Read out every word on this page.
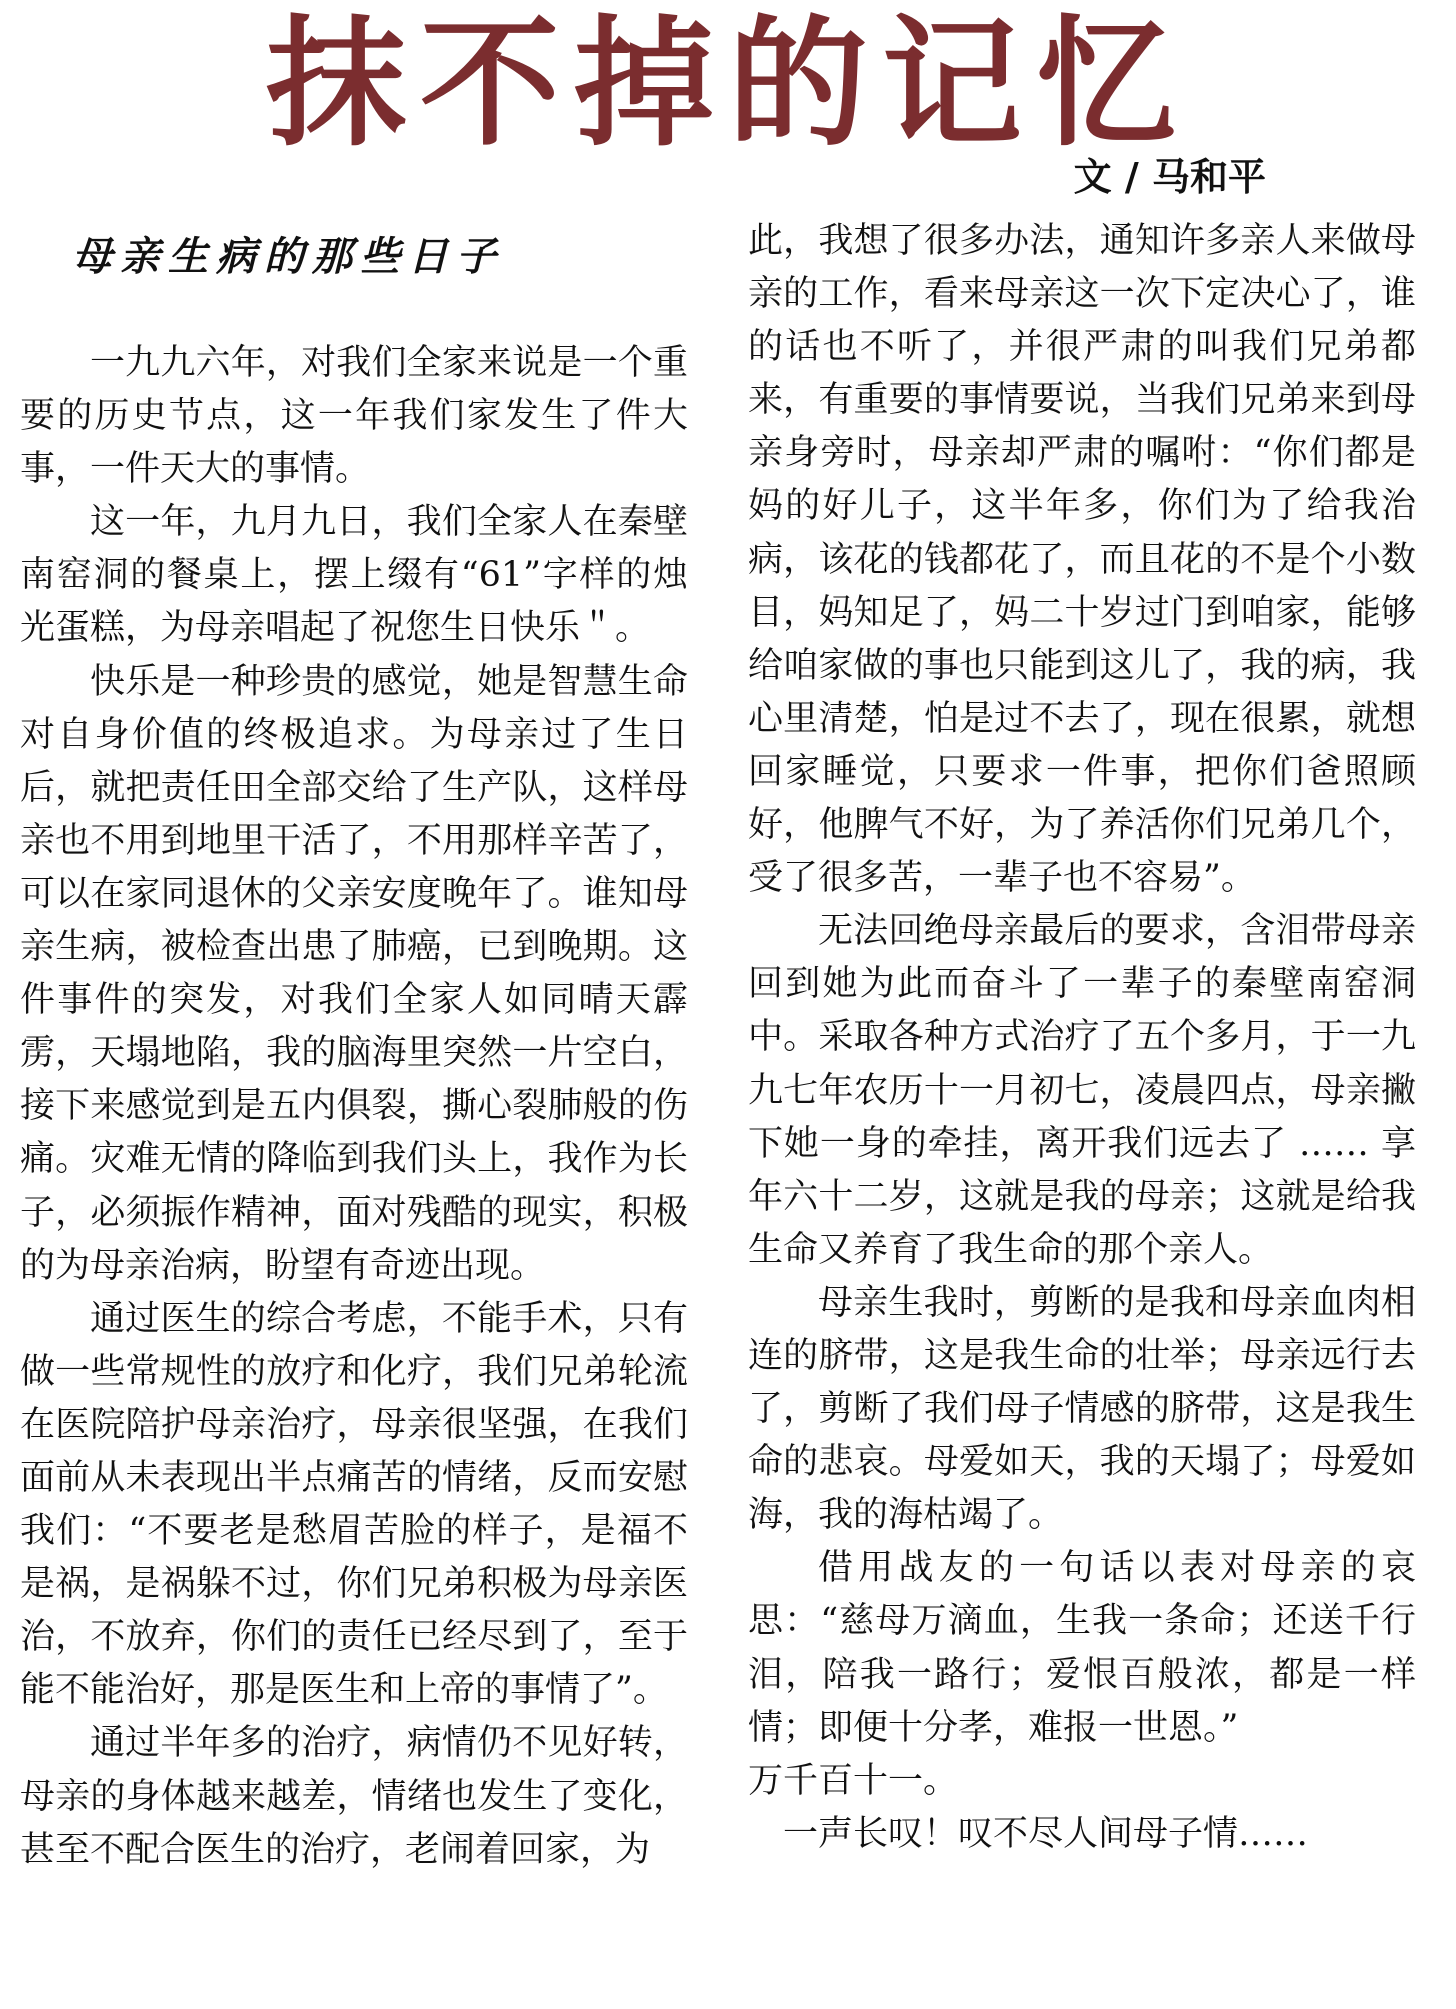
抹不掉的记忆
文 / 马和平
母亲生病的那些日子

一九九六年，对我们全家来说是一个重要的历史节点，这一年我们家发生了件大事，一件天大的事情。

这一年，九月九日，我们全家人在秦壁南窑洞的餐桌上，摆上缀有“61”字样的烛光蛋糕，为母亲唱起了祝您生日快乐＂。

快乐是一种珍贵的感觉，她是智慧生命对自身价值的终极追求。为母亲过了生日后，就把责任田全部交给了生产队，这样母亲也不用到地里干活了，不用那样辛苦了，可以在家同退休的父亲安度晚年了。谁知母亲生病，被检查出患了肺癌，已到晚期。这件事件的突发，对我们全家人如同晴天霹雳，天塌地陷，我的脑海里突然一片空白，接下来感觉到是五内俱裂，撕心裂肺般的伤痛。灾难无情的降临到我们头上，我作为长子，必须振作精神，面对残酷的现实，积极的为母亲治病，盼望有奇迹出现。

通过医生的综合考虑，不能手术，只有做一些常规性的放疗和化疗，我们兄弟轮流在医院陪护母亲治疗，母亲很坚强，在我们面前从未表现出半点痛苦的情绪，反而安慰我们：“不要老是愁眉苦脸的样子，是福不是祸，是祸躲不过，你们兄弟积极为母亲医治，不放弃，你们的责任已经尽到了，至于能不能治好，那是医生和上帝的事情了”。

通过半年多的治疗，病情仍不见好转，母亲的身体越来越差，情绪也发生了变化，甚至不配合医生的治疗，老闹着回家，为

此，我想了很多办法，通知许多亲人来做母亲的工作，看来母亲这一次下定决心了，谁的话也不听了，并很严肃的叫我们兄弟都来，有重要的事情要说，当我们兄弟来到母亲身旁时，母亲却严肃的嘱咐：“你们都是妈的好儿子，这半年多，你们为了给我治病，该花的钱都花了，而且花的不是个小数目，妈知足了，妈二十岁过门到咱家，能够给咱家做的事也只能到这儿了，我的病，我心里清楚，怕是过不去了，现在很累，就想回家睡觉，只要求一件事，把你们爸照顾好，他脾气不好，为了养活你们兄弟几个，受了很多苦，一辈子也不容易”。

无法回绝母亲最后的要求，含泪带母亲回到她为此而奋斗了一辈子的秦壁南窑洞中。采取各种方式治疗了五个多月，于一九九七年农历十一月初七，凌晨四点，母亲撇下她一身的牵挂，离开我们远去了 …… 享年六十二岁，这就是我的母亲；这就是给我生命又养育了我生命的那个亲人。

母亲生我时，剪断的是我和母亲血肉相连的脐带，这是我生命的壮举；母亲远行去了，剪断了我们母子情感的脐带，这是我生命的悲哀。母爱如天，我的天塌了；母爱如海，我的海枯竭了。

借用战友的一句话以表对母亲的哀思：“慈母万滴血，生我一条命；还送千行泪，陪我一路行；爱恨百般浓，都是一样情；即便十分孝，难报一世恩。”

万千百十一。

一声长叹！叹不尽人间母子情……
